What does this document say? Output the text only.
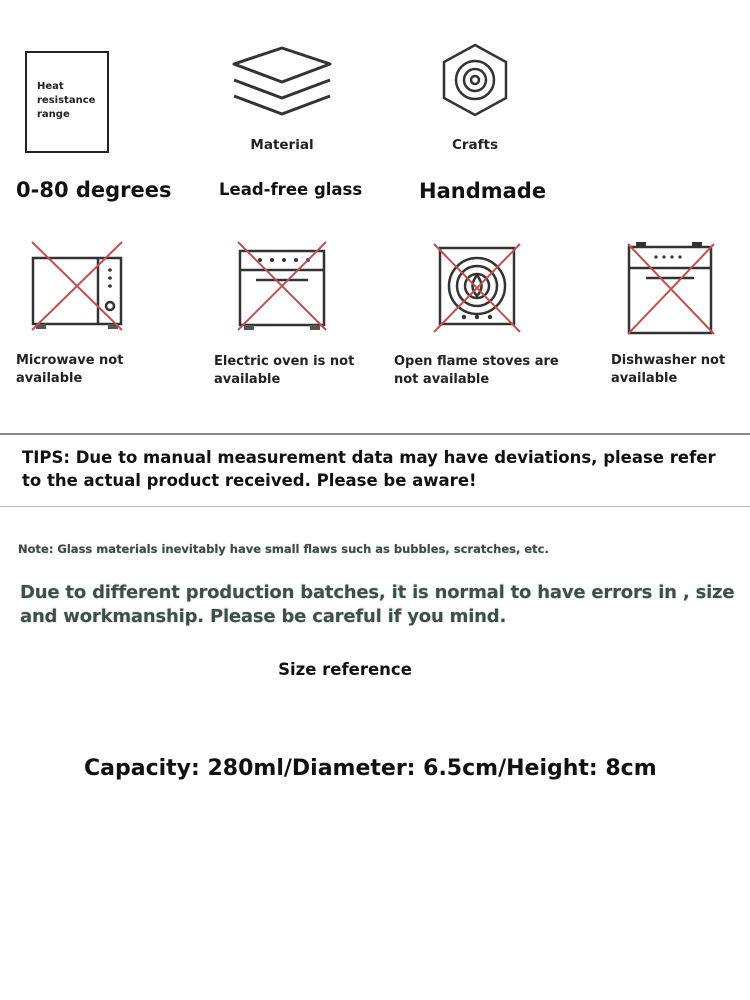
Heat resistance range
0-80 degrees
Material
Lead-free glass
Crafts
Handmade
Microwave not available
Electric oven is not available
Open flame stoves are not available
Dishwasher not available
TIPS: Due to manual measurement data may have deviations, please refer to the actual product received. Please be aware!
Note: Glass materials inevitably have small flaws such as bubbles, scratches, etc.
Due to different production batches, it is normal to have errors in , size and workmanship. Please be careful if you mind.
Size reference
Capacity: 280ml/Diameter: 6.5cm/Height: 8cm
